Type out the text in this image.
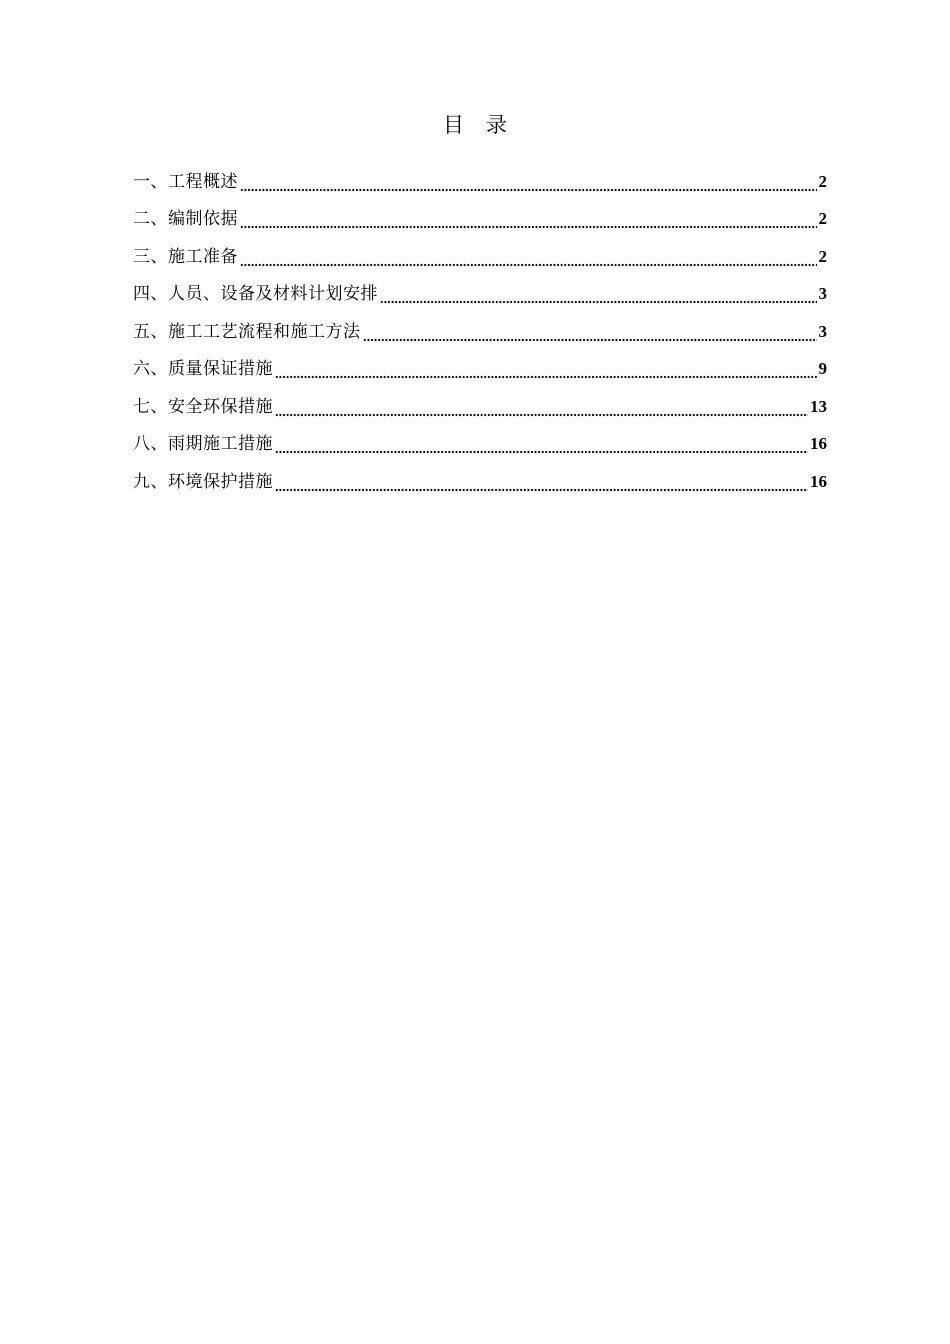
目 录
一、工程概述	2
二、编制依据	2
三、施工准备	2
四、人员、设备及材料计划安排	3
五、施工工艺流程和施工方法	3
六、质量保证措施	9
七、安全环保措施	13
八、雨期施工措施	16
九、环境保护措施	16
